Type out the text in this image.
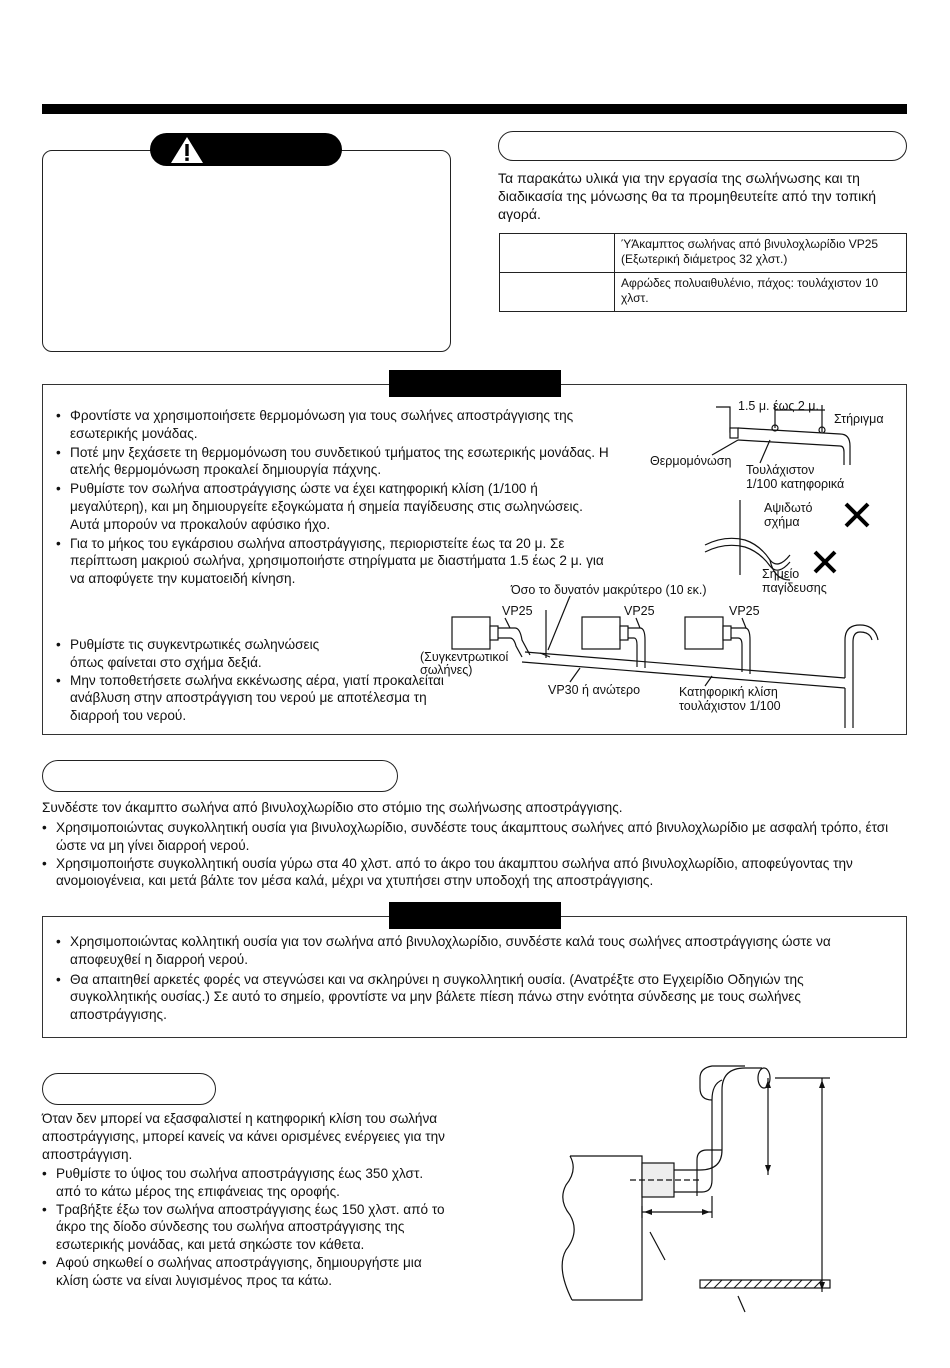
Τα παρακάτω υλικά για την εργασία της σωλήνωσης και τη διαδικασία της μόνωσης θα τα προμηθευτείτε από την τοπική αγορά.
	ΎΆκαμπτος σωλήνας από βινυλοχλωρίδιο VP25 (Εξωτερική διάμετρος 32 χλστ.)
	Αφρώδες πολυαιθυλένιο, πάχος: τουλάχιστον 10 χλστ.
• Φροντίστε να χρησιμοποιήσετε θερμομόνωση για τους σωλήνες αποστράγγισης της εσωτερικής μονάδας.
• Ποτέ μην ξεχάσετε τη θερμομόνωση του συνδετικού τμήματος της εσωτερικής μονάδας. Η ατελής θερμομόνωση προκαλεί δημιουργία πάχνης.
• Ρυθμίστε τον σωλήνα αποστράγγισης ώστε να έχει κατηφορική κλίση (1/100 ή μεγαλύτερη), και μη δημιουργείτε εξογκώματα ή σημεία παγίδευσης στις σωληνώσεις. Αυτά μπορούν να προκαλούν αφύσικο ήχο.
• Για το μήκος του εγκάρσιου σωλήνα αποστράγγισης, περιοριστείτε έως τα 20 μ. Σε περίπτωση μακριού σωλήνα, χρησιμοποιήστε στηρίγματα με διαστήματα 1.5 έως 2 μ. για να αποφύγετε την κυματοειδή κίνηση.
• Ρυθμίστε τις συγκεντρωτικές σωληνώσεις όπως φαίνεται στο σχήμα δεξιά.
• Μην τοποθετήσετε σωλήνα εκκένωσης αέρα, γιατί προκαλείται ανάβλυση στην αποστράγγιση του νερού με αποτέλεσμα τη διαρροή του νερού.
1.5 μ. έως 2 μ.
Στήριγμα
Θερμομόνωση
Τουλάχιστον
1/100 κατηφορικά
Αψιδωτό
σχήμα
Σημείο
παγίδευσης
Όσο το δυνατόν μακρύτερο (10 εκ.)
VP25	VP25	VP25
(Συγκεντρωτικοί
σωλήνες)
VP30 ή ανώτερο	Κατηφορική κλίση
τουλάχιστον 1/100
Συνδέστε τον άκαμπτο σωλήνα από βινυλοχλωρίδιο στο στόμιο της σωλήνωσης αποστράγγισης.
• Χρησιμοποιώντας συγκολλητική ουσία για βινυλοχλωρίδιο, συνδέστε τους άκαμπτους σωλήνες από βινυλοχλωρίδιο με ασφαλή τρόπο, έτσι ώστε να μη γίνει διαρροή νερού.
• Χρησιμοποιήστε συγκολλητική ουσία γύρω στα 40 χλστ. από το άκρο του άκαμπτου σωλήνα από βινυλοχλωρίδιο, αποφεύγοντας την ανομοιογένεια, και μετά βάλτε τον μέσα καλά, μέχρι να χτυπήσει στην υποδοχή της αποστράγγισης.
• Χρησιμοποιώντας κολλητική ουσία για τον σωλήνα από βινυλοχλωρίδιο, συνδέστε καλά τους σωλήνες αποστράγγισης ώστε να αποφευχθεί η διαρροή νερού.
• Θα απαιτηθεί αρκετές φορές να στεγνώσει και να σκληρύνει η συγκολλητική ουσία. (Ανατρέξτε στο Εγχειρίδιο Οδηγιών της συγκολλητικής ουσίας.) Σε αυτό το σημείο, φροντίστε να μην βάλετε πίεση πάνω στην ενότητα σύνδεσης με τους σωλήνες αποστράγγισης.
Όταν δεν μπορεί να εξασφαλιστεί η κατηφορική κλίση του σωλήνα αποστράγγισης, μπορεί κανείς να κάνει ορισμένες ενέργειες για την αποστράγγιση.
• Ρυθμίστε το ύψος του σωλήνα αποστράγγισης έως 350 χλστ. από το κάτω μέρος της επιφάνειας της οροφής.
• Τραβήξτε έξω τον σωλήνα αποστράγγισης έως 150 χλστ. από το άκρο της δίοδο σύνδεσης του σωλήνα αποστράγγισης της εσωτερικής μονάδας, και μετά σηκώστε τον κάθετα.
• Αφού σηκωθεί ο σωλήνας αποστράγγισης, δημιουργήστε μια κλίση ώστε να είναι λυγισμένος προς τα κάτω.
